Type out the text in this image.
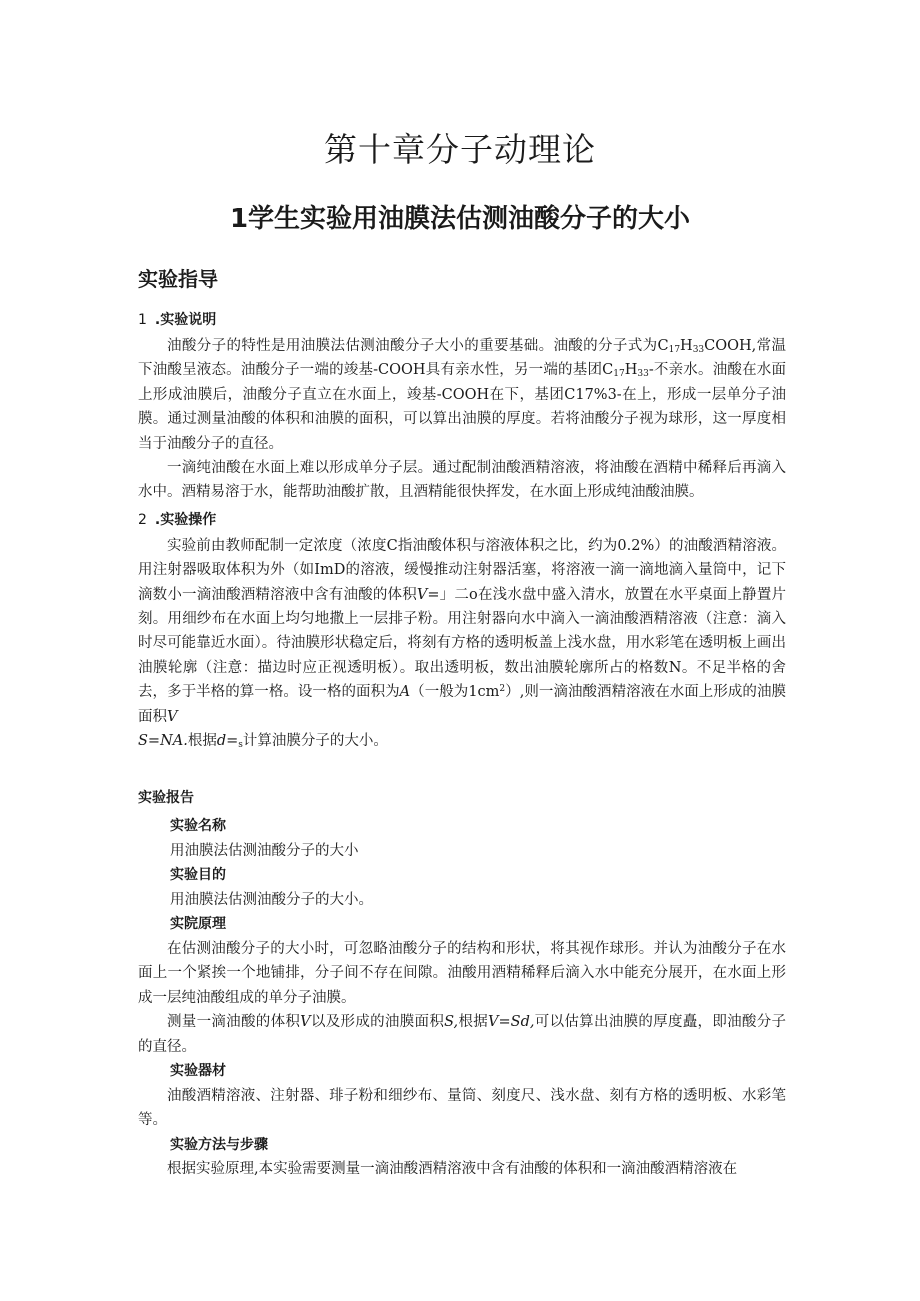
第十章分子动理论
1学生实验用油膜法估测油酸分子的大小
实验指导
1 .实验说明

油酸分子的特性是用油膜法估测油酸分子大小的重要基础。油酸的分子式为$C_{17}H_{33}COOH$,常温下油酸呈液态。油酸分子一端的竣基-COOH具有亲水性，另一端的基团$C_{17}H_{33}-$不亲水。油酸在水面上形成油膜后，油酸分子直立在水面上，竣基-COOH在下，基团C17%3-在上，形成一层单分子油膜。通过测量油酸的体积和油膜的面积，可以算出油膜的厚度。若将油酸分子视为球形，这一厚度相当于油酸分子的直径。

一滴纯油酸在水面上难以形成单分子层。通过配制油酸酒精溶液，将油酸在酒精中稀释后再滴入水中。酒精易溶于水，能帮助油酸扩散，且酒精能很快挥发，在水面上形成纯油酸油膜。

2 .实验操作

实验前由教师配制一定浓度（浓度C指油酸体积与溶液体积之比，约为0.2%）的油酸酒精溶液。用注射器吸取体积为外（如ImD的溶液，缓慢推动注射器活塞，将溶液一滴一滴地滴入量筒中，记下滴数小一滴油酸酒精溶液中含有油酸的体积V=」二o在浅水盘中盛入清水，放置在水平桌面上静置片刻。用细纱布在水面上均匀地撒上一层排子粉。用注射器向水中滴入一滴油酸酒精溶液（注意：滴入时尽可能靠近水面）。待油膜形状稳定后，将刻有方格的透明板盖上浅水盘，用水彩笔在透明板上画出油膜轮廓（注意：描边时应正视透明板）。取出透明板，数出油膜轮廓所占的格数N。不足半格的舍去，多于半格的算一格。设一格的面积为A（一般为$1cm^2$）,则一滴油酸酒精溶液在水面上形成的油膜面积V

S=NA.根据$d=_s$计算油膜分子的大小。

实验报告
实验名称

用油膜法估测油酸分子的大小

实验目的

用油膜法估测油酸分子的大小。

实院原理

在估测油酸分子的大小时，可忽略油酸分子的结构和形状，将其视作球形。并认为油酸分子在水面上一个紧挨一个地铺排，分子间不存在间隙。油酸用酒精稀释后滴入水中能充分展开，在水面上形成一层纯油酸组成的单分子油膜。

测量一滴油酸的体积V以及形成的油膜面积S,根据V=Sd,可以估算出油膜的厚度矗，即油酸分子的直径。

实验器材

油酸酒精溶液、注射器、琲子粉和细纱布、量筒、刻度尺、浅水盘、刻有方格的透明板、水彩笔等。

实验方法与步骤

根据实验原理,本实验需要测量一滴油酸酒精溶液中含有油酸的体积和一滴油酸酒精溶液在
